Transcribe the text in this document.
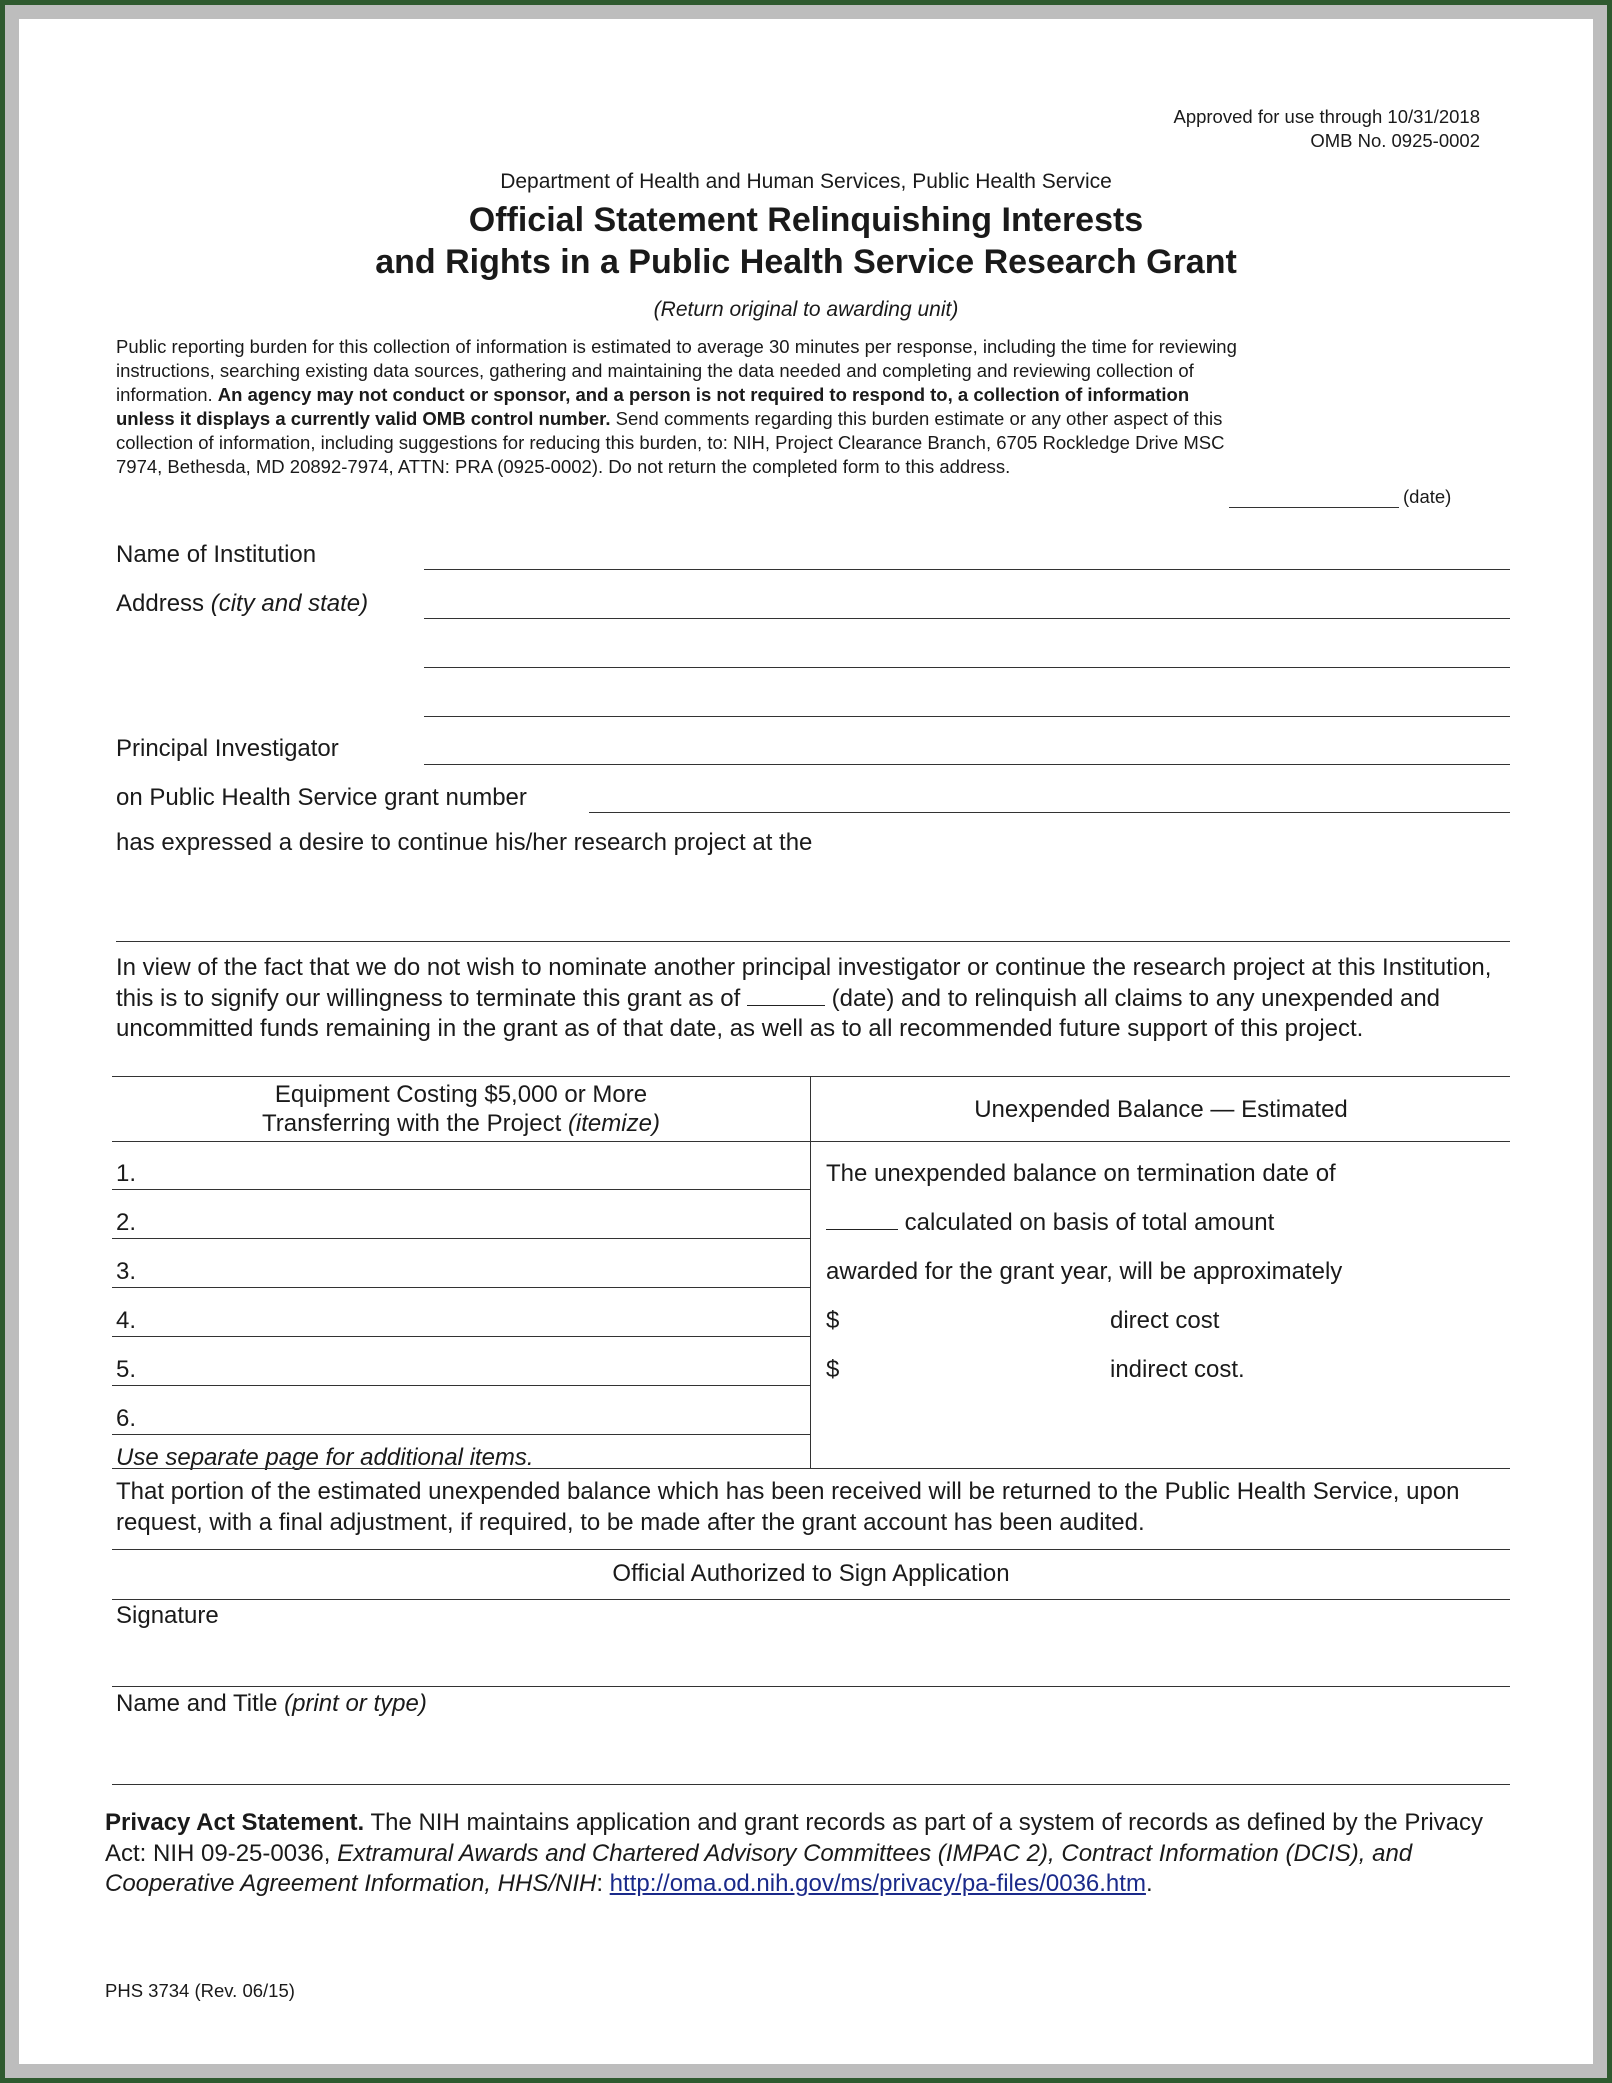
Approved for use through 10/31/2018
OMB No. 0925-0002
Department of Health and Human Services, Public Health Service
Official Statement Relinquishing Interests
and Rights in a Public Health Service Research Grant
(Return original to awarding unit)
Public reporting burden for this collection of information is estimated to average 30 minutes per response, including the time for reviewing instructions, searching existing data sources, gathering and maintaining the data needed and completing and reviewing collection of information. An agency may not conduct or sponsor, and a person is not required to respond to, a collection of information unless it displays a currently valid OMB control number. Send comments regarding this burden estimate or any other aspect of this collection of information, including suggestions for reducing this burden, to: NIH, Project Clearance Branch, 6705 Rockledge Drive MSC 7974, Bethesda, MD 20892-7974, ATTN: PRA (0925-0002). Do not return the completed form to this address.
(date)
Name of Institution
Address (city and state)
Principal Investigator
on Public Health Service grant number
has expressed a desire to continue his/her research project at the
In view of the fact that we do not wish to nominate another principal investigator or continue the research project at this Institution, this is to signify our willingness to terminate this grant as of	(date) and to relinquish all claims to any unexpended and uncommitted funds remaining in the grant as of that date, as well as to all recommended future support of this project.
Equipment Costing $5,000 or More
Transferring with the Project (itemize)
Unexpended Balance — Estimated
1.
2.
3.
4.
5.
6.
Use separate page for additional items.
The unexpended balance on termination date of
calculated on basis of total amount
awarded for the grant year, will be approximately
$	direct cost
$	indirect cost.
That portion of the estimated unexpended balance which has been received will be returned to the Public Health Service, upon request, with a final adjustment, if required, to be made after the grant account has been audited.
Official Authorized to Sign Application
Signature
Name and Title (print or type)
Privacy Act Statement. The NIH maintains application and grant records as part of a system of records as defined by the Privacy Act: NIH 09-25-0036, Extramural Awards and Chartered Advisory Committees (IMPAC 2), Contract Information (DCIS), and Cooperative Agreement Information, HHS/NIH: http://oma.od.nih.gov/ms/privacy/pa-files/0036.htm.
PHS 3734 (Rev. 06/15)
